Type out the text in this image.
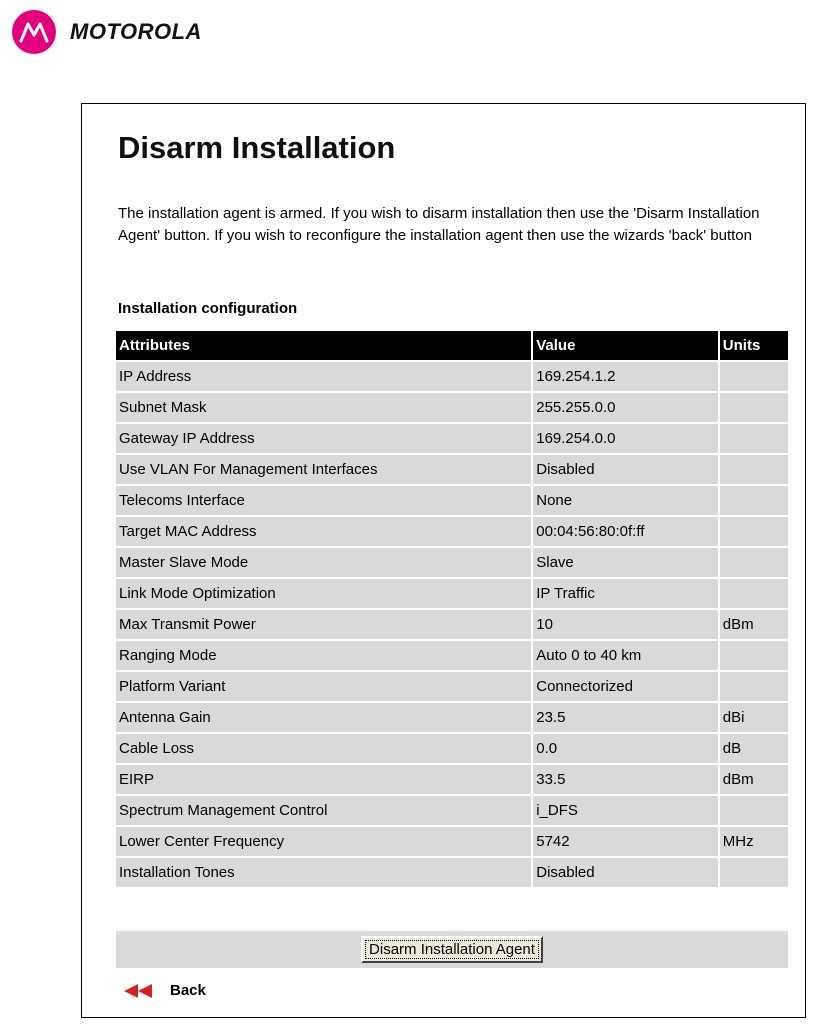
MOTOROLA
Disarm Installation

The installation agent is armed. If you wish to disarm installation then use the 'Disarm Installation Agent' button. If you wish to reconfigure the installation agent then use the wizards 'back' button

Installation configuration
Attributes	Value	Units
IP Address	169.254.1.2	
Subnet Mask	255.255.0.0	
Gateway IP Address	169.254.0.0	
Use VLAN For Management Interfaces	Disabled	
Telecoms Interface	None	
Target MAC Address	00:04:56:80:0f:ff	
Master Slave Mode	Slave	
Link Mode Optimization	IP Traffic	
Max Transmit Power	10	dBm
Ranging Mode	Auto 0 to 40 km	
Platform Variant	Connectorized	
Antenna Gain	23.5	dBi
Cable Loss	0.0	dB
EIRP	33.5	dBm
Spectrum Management Control	i_DFS	
Lower Center Frequency	5742	MHz
Installation Tones	Disabled	
Disarm Installation Agent
Back
